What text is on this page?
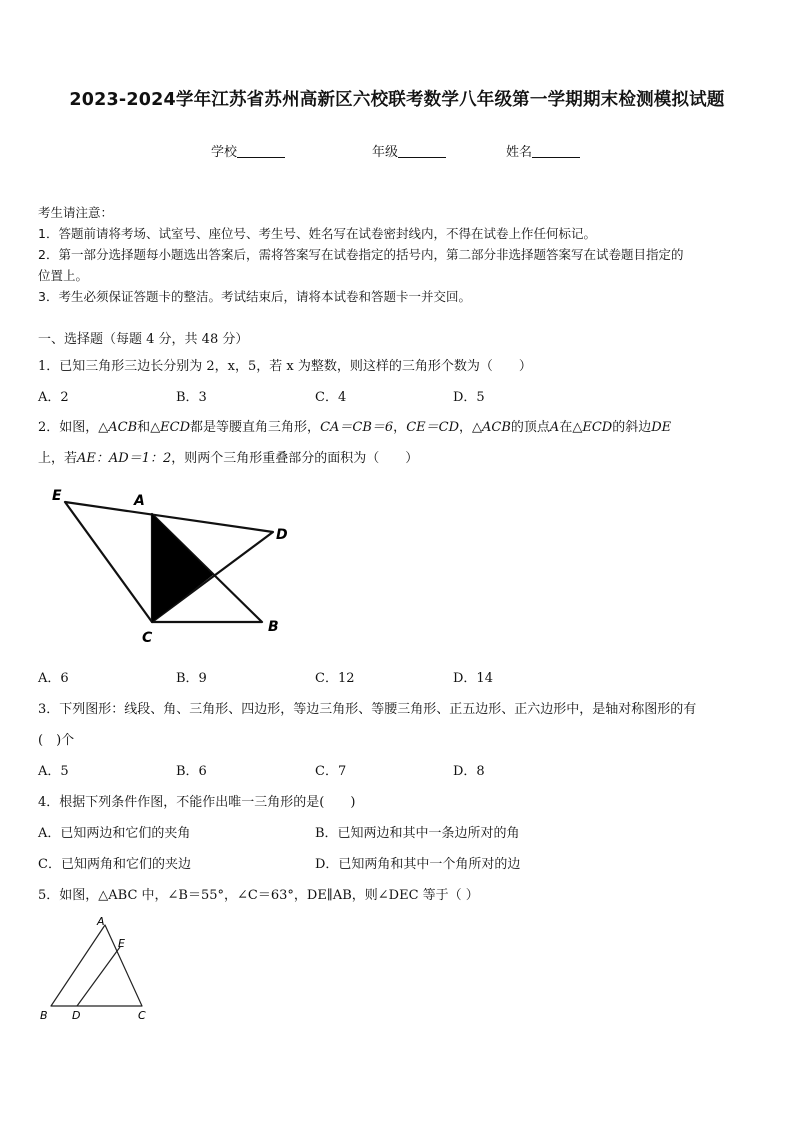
2023-2024学年江苏省苏州高新区六校联考数学八年级第一学期期末检测模拟试题
学校	年级	姓名
考生请注意：
1．答题前请将考场、试室号、座位号、考生号、姓名写在试卷密封线内，不得在试卷上作任何标记。
2．第一部分选择题每小题选出答案后，需将答案写在试卷指定的括号内，第二部分非选择题答案写在试卷题目指定的
位置上。
3．考生必须保证答题卡的整洁。考试结束后，请将本试卷和答题卡一并交回。
一、选择题（每题 4 分，共 48 分）
1．已知三角形三边长分别为 2，x，5，若 x 为整数，则这样的三角形个数为（　　）
A．2	B．3	C．4	D．5
2．如图，△ACB和△ECD都是等腰直角三角形，CA＝CB＝6，CE＝CD，△ACB的顶点A在△ECD的斜边DE
上，若AE：AD＝1：2，则两个三角形重叠部分的面积为（　　）
E	A
D
C
B
A．6	B．9	C．12	D．14
3．下列图形：线段、角、三角形、四边形，等边三角形、等腰三角形、正五边形、正六边形中，是轴对称图形的有
(　)个
A．5	B．6	C．7	D．8
4．根据下列条件作图，不能作出唯一三角形的是(　　)
A．已知两边和它们的夹角	B．已知两边和其中一条边所对的角
C．已知两角和它们的夹边	D．已知两角和其中一个角所对的边
5．如图，△ABC 中，∠B＝55°，∠C＝63°，DE∥AB，则∠DEC 等于（ ）
A
E
B D	C
